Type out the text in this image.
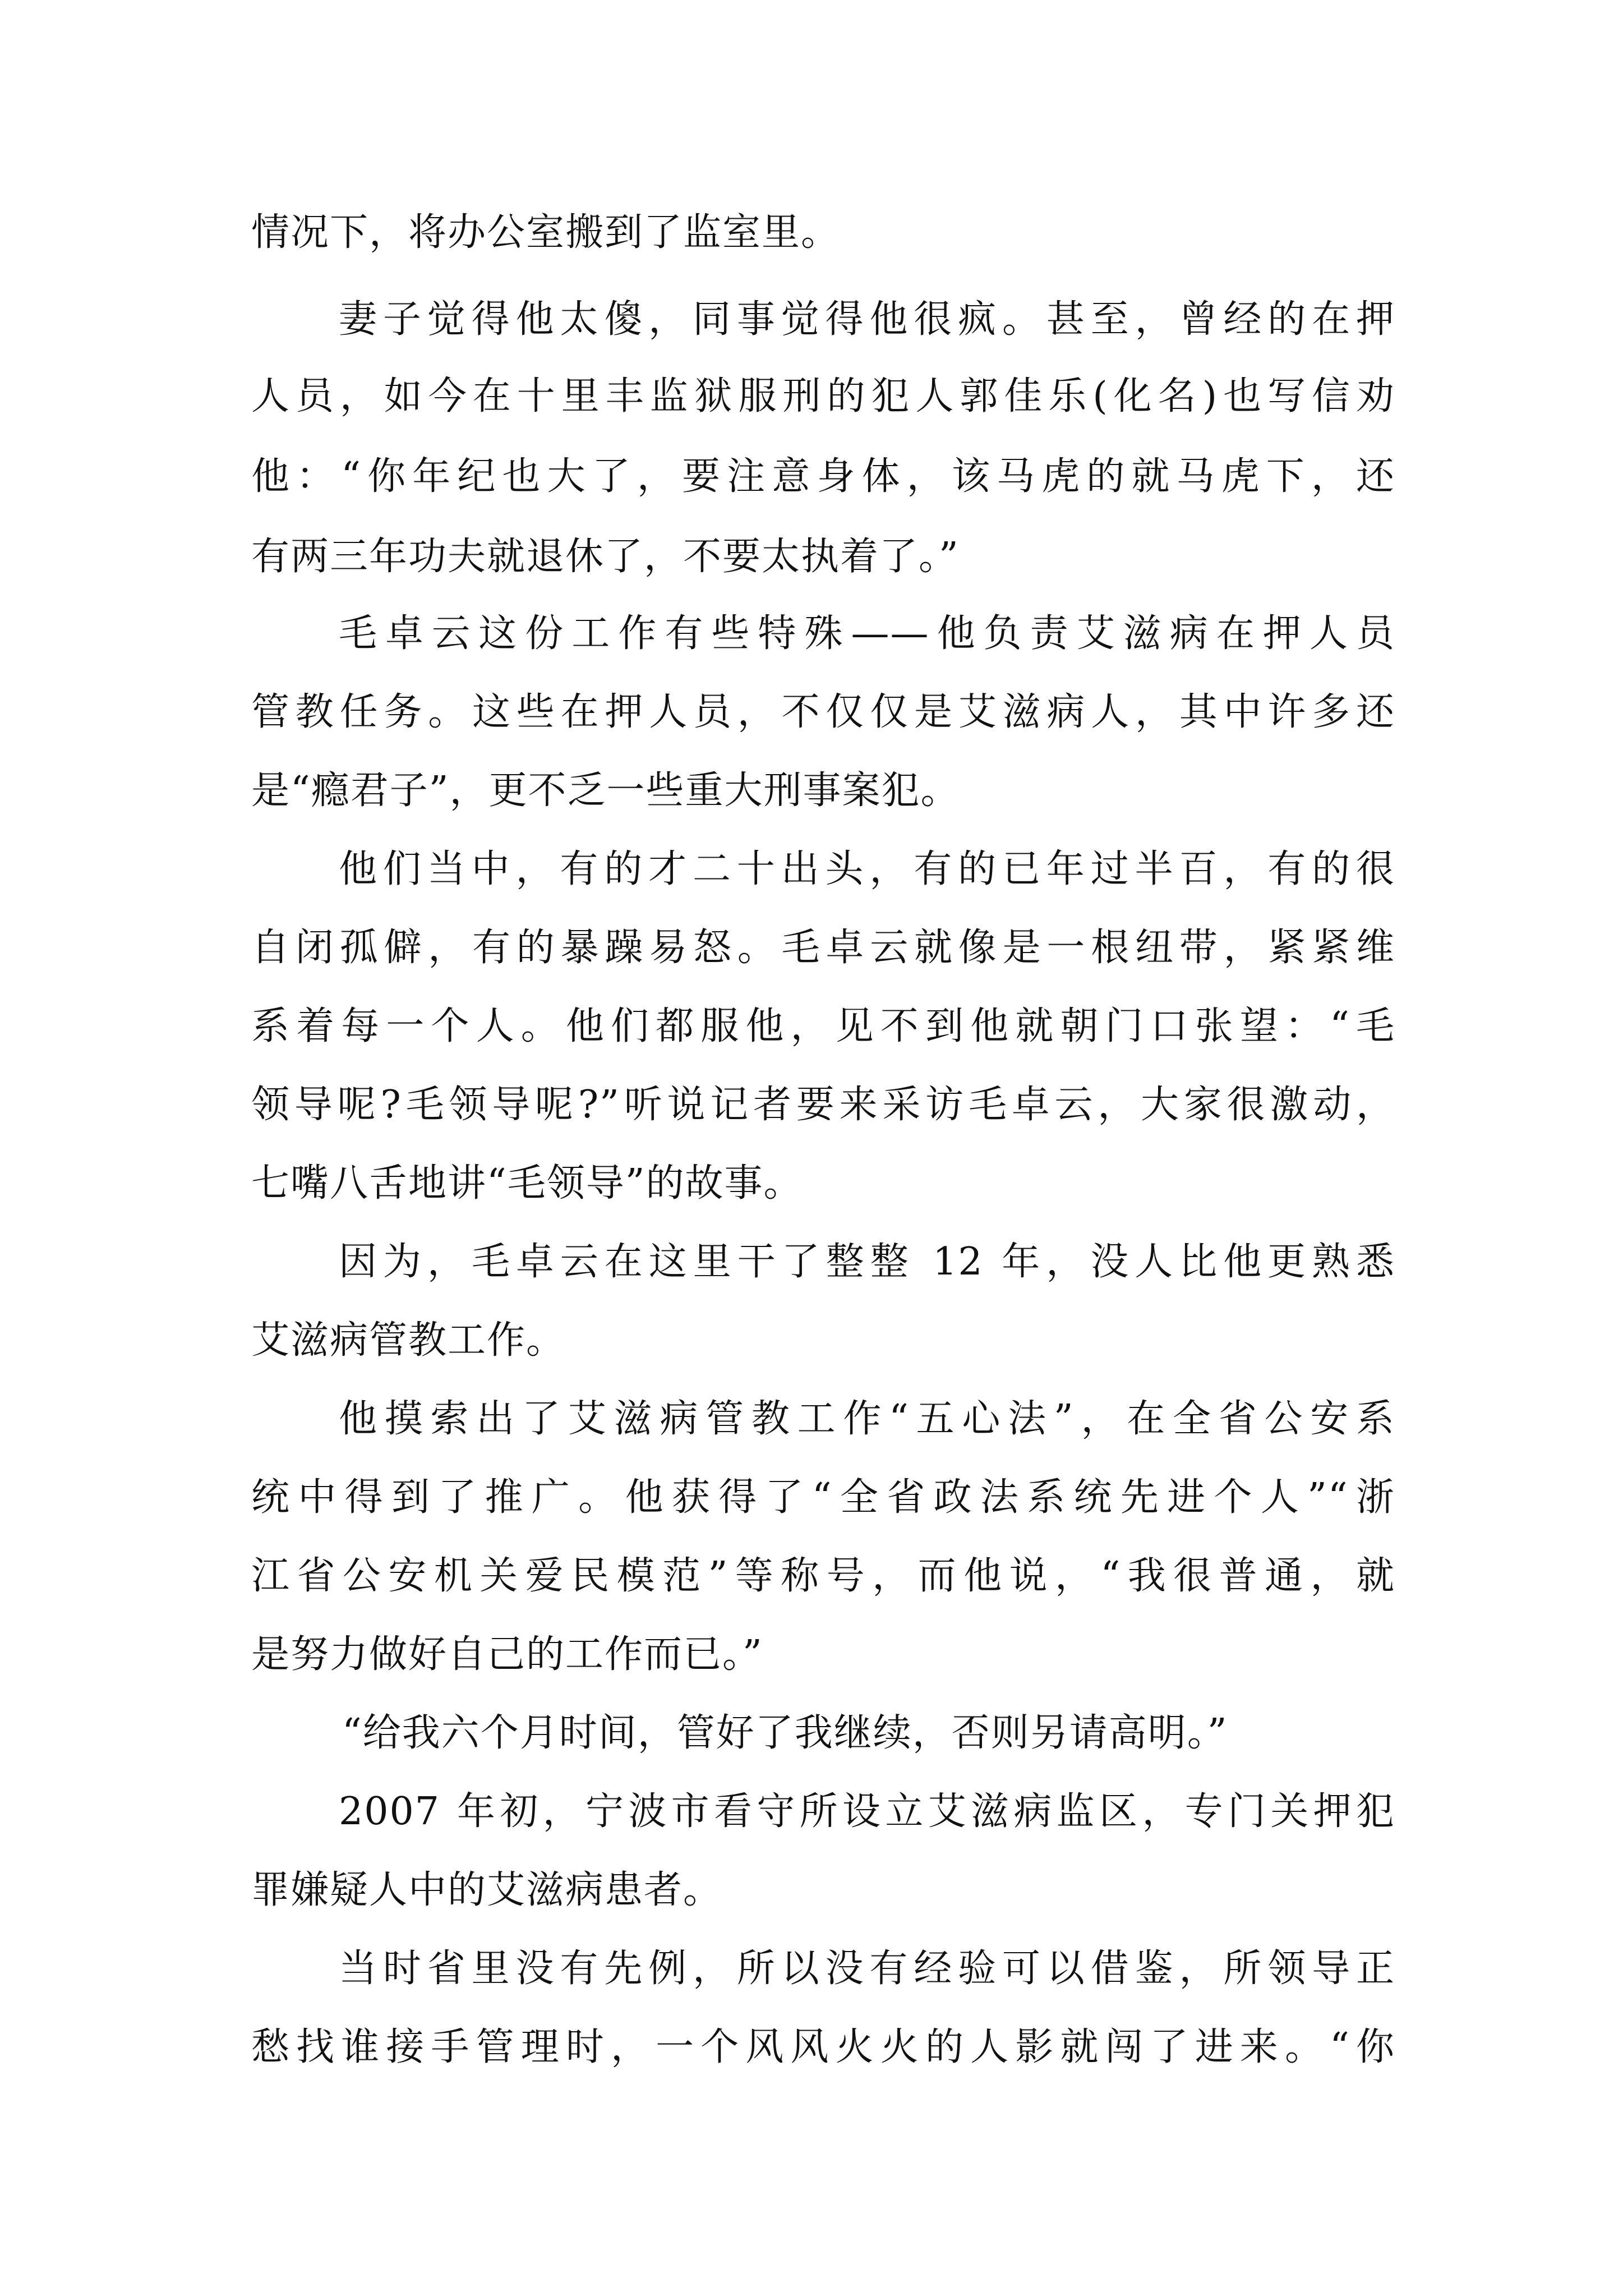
情况下，将办公室搬到了监室里。
妻子觉得他太傻，同事觉得他很疯。甚至，曾经的在押
人员，如今在十里丰监狱服刑的犯人郭佳乐(化名)也写信劝
他：“你年纪也大了，要注意身体，该马虎的就马虎下，还
有两三年功夫就退休了，不要太执着了。”
毛卓云这份工作有些特殊——他负责艾滋病在押人员
管教任务。这些在押人员，不仅仅是艾滋病人，其中许多还
是“瘾君子”，更不乏一些重大刑事案犯。
他们当中，有的才二十出头，有的已年过半百，有的很
自闭孤僻，有的暴躁易怒。毛卓云就像是一根纽带，紧紧维
系着每一个人。他们都服他，见不到他就朝门口张望：“毛
领导呢?毛领导呢?”听说记者要来采访毛卓云，大家很激动，
七嘴八舌地讲“毛领导”的故事。
因为，毛卓云在这里干了整整 12 年，没人比他更熟悉
艾滋病管教工作。
他摸索出了艾滋病管教工作“五心法”，在全省公安系
统中得到了推广。他获得了“全省政法系统先进个人”“浙
江省公安机关爱民模范”等称号，而他说，“我很普通，就
是努力做好自己的工作而已。”
“给我六个月时间，管好了我继续，否则另请高明。”
2007 年初，宁波市看守所设立艾滋病监区，专门关押犯
罪嫌疑人中的艾滋病患者。
当时省里没有先例，所以没有经验可以借鉴，所领导正
愁找谁接手管理时，一个风风火火的人影就闯了进来。“你
